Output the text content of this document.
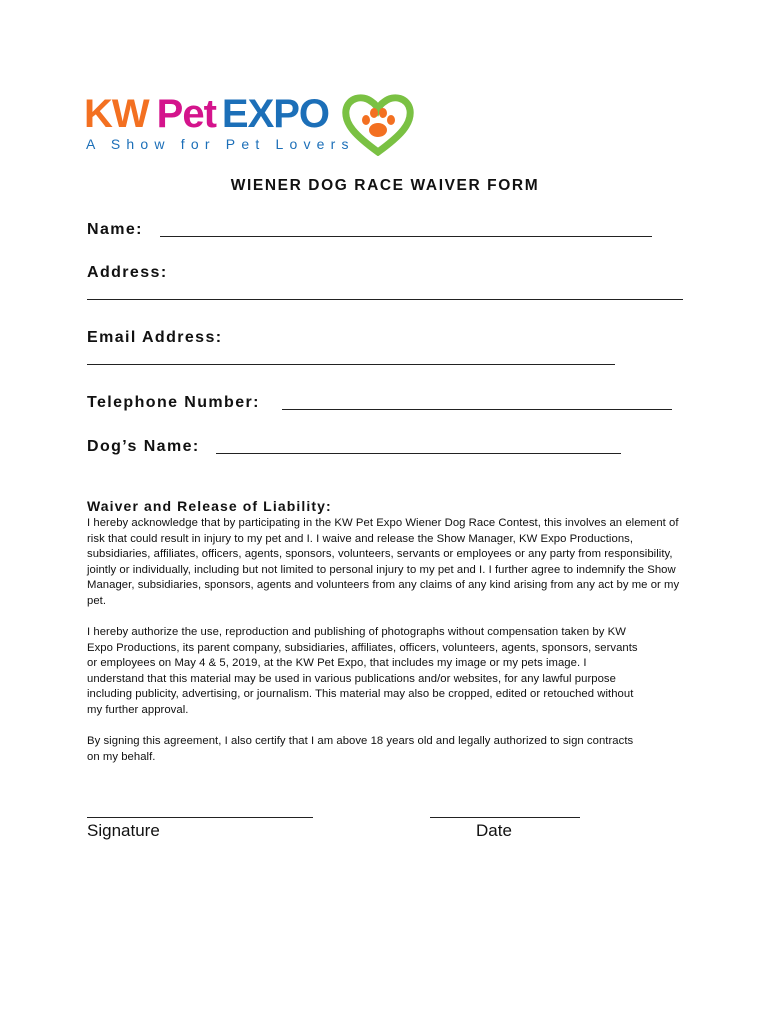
KW Pet EXPO
A Show for Pet Lovers
WIENER DOG RACE WAIVER FORM
Name:
Address:
Email Address:
Telephone Number:
Dog’s Name:
Waiver and Release of Liability:
I hereby acknowledge that by participating in the KW Pet Expo Wiener Dog Race Contest, this involves an element of
risk that could result in injury to my pet and I. I waive and release the Show Manager, KW Expo Productions,
subsidiaries, affiliates, officers, agents, sponsors, volunteers, servants or employees or any party from responsibility,
jointly or individually, including but not limited to personal injury to my pet and I. I further agree to indemnify the Show
Manager, subsidiaries, sponsors, agents and volunteers from any claims of any kind arising from any act by me or my
pet.
I hereby authorize the use, reproduction and publishing of photographs without compensation taken by KW
Expo Productions, its parent company, subsidiaries, affiliates, officers, volunteers, agents, sponsors, servants
or employees on May 4 & 5, 2019, at the KW Pet Expo, that includes my image or my pets image. I
understand that this material may be used in various publications and/or websites, for any lawful purpose
including publicity, advertising, or journalism. This material may also be cropped, edited or retouched without
my further approval.
By signing this agreement, I also certify that I am above 18 years old and legally authorized to sign contracts
on my behalf.
Signature	Date
